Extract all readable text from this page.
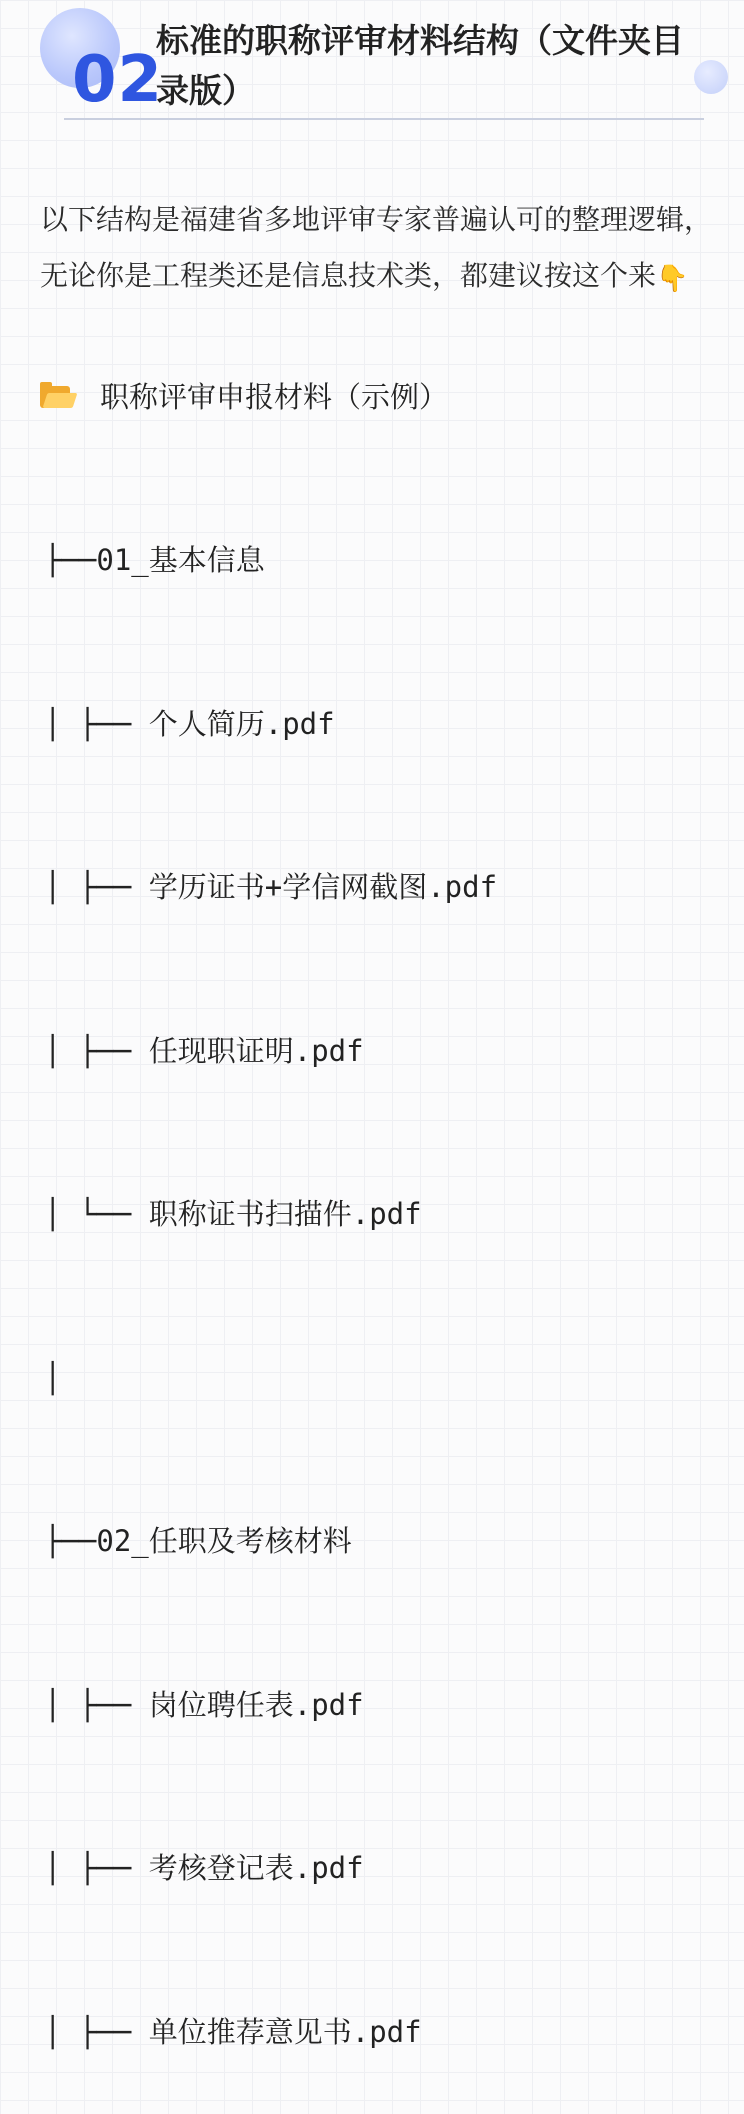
02
标准的职称评审材料结构（文件夹目录版）

以下结构是福建省多地评审专家普遍认可的整理逻辑，无论你是工程类还是信息技术类，都建议按这个来👇

职称评审申报材料（示例）

├──01_基本信息

│ ├── 个人简历.pdf

│ ├── 学历证书+学信网截图.pdf

│ ├── 任现职证明.pdf

│ └── 职称证书扫描件.pdf

│

├──02_任职及考核材料

│ ├── 岗位聘任表.pdf

│ ├── 考核登记表.pdf

│ ├── 单位推荐意见书.pdf
